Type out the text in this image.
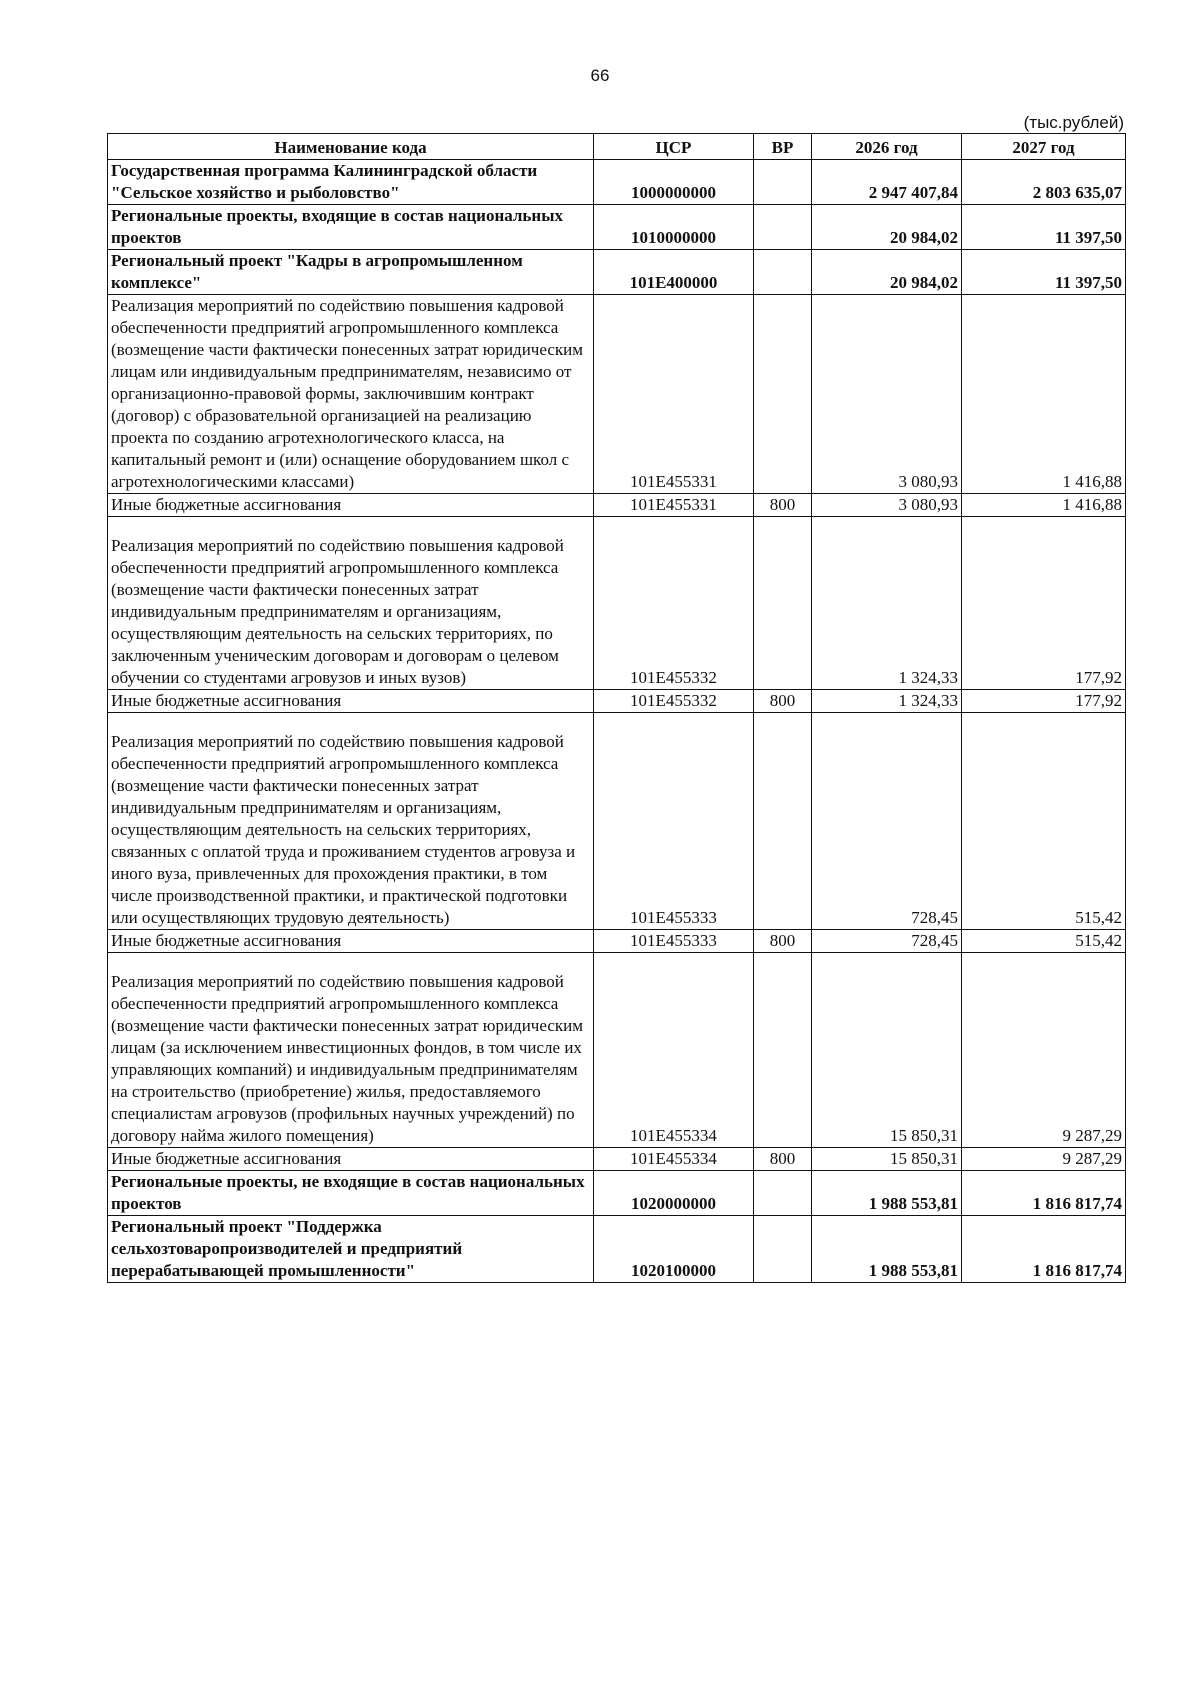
66
(тыс.рублей)
Наименование кода	ЦСР	ВР	2026 год	2027 год
Государственная программа Калининградской области "Сельское хозяйство и рыболовство"	1000000000		2 947 407,84	2 803 635,07
Региональные проекты, входящие в состав национальных проектов	1010000000		20 984,02	11 397,50
Региональный проект "Кадры в агропромышленном комплексе"	101E400000		20 984,02	11 397,50
Реализация мероприятий по содействию повышения кадровой обеспеченности предприятий агропромышленного комплекса (возмещение части фактически понесенных затрат юридическим лицам или индивидуальным предпринимателям, независимо от организационно-правовой формы, заключившим контракт (договор) с образовательной организацией на реализацию проекта по созданию агротехнологического класса, на капитальный ремонт и (или) оснащение оборудованием школ с агротехнологическими классами)	101E455331		3 080,93	1 416,88
Иные бюджетные ассигнования	101E455331	800	3 080,93	1 416,88
Реализация мероприятий по содействию повышения кадровой обеспеченности предприятий агропромышленного комплекса (возмещение части фактически понесенных затрат индивидуальным предпринимателям и организациям, осуществляющим деятельность на сельских территориях, по заключенным ученическим договорам и договорам о целевом обучении со студентами агровузов и иных вузов)	101E455332		1 324,33	177,92
Иные бюджетные ассигнования	101E455332	800	1 324,33	177,92
Реализация мероприятий по содействию повышения кадровой обеспеченности предприятий агропромышленного комплекса (возмещение части фактически понесенных затрат индивидуальным предпринимателям и организациям, осуществляющим деятельность на сельских территориях, связанных с оплатой труда и проживанием студентов агровуза и иного вуза, привлеченных для прохождения практики, в том числе производственной практики, и практической подготовки или осуществляющих трудовую деятельность)	101E455333		728,45	515,42
Иные бюджетные ассигнования	101E455333	800	728,45	515,42
Реализация мероприятий по содействию повышения кадровой обеспеченности предприятий агропромышленного комплекса (возмещение части фактически понесенных затрат юридическим лицам (за исключением инвестиционных фондов, в том числе их управляющих компаний) и индивидуальным предпринимателям на строительство (приобретение) жилья, предоставляемого специалистам агровузов (профильных научных учреждений) по договору найма жилого помещения)	101E455334		15 850,31	9 287,29
Иные бюджетные ассигнования	101E455334	800	15 850,31	9 287,29
Региональные проекты, не входящие в состав национальных проектов	1020000000		1 988 553,81	1 816 817,74
Региональный проект "Поддержка сельхозтоваропроизводителей и предприятий перерабатывающей промышленности"	1020100000		1 988 553,81	1 816 817,74
